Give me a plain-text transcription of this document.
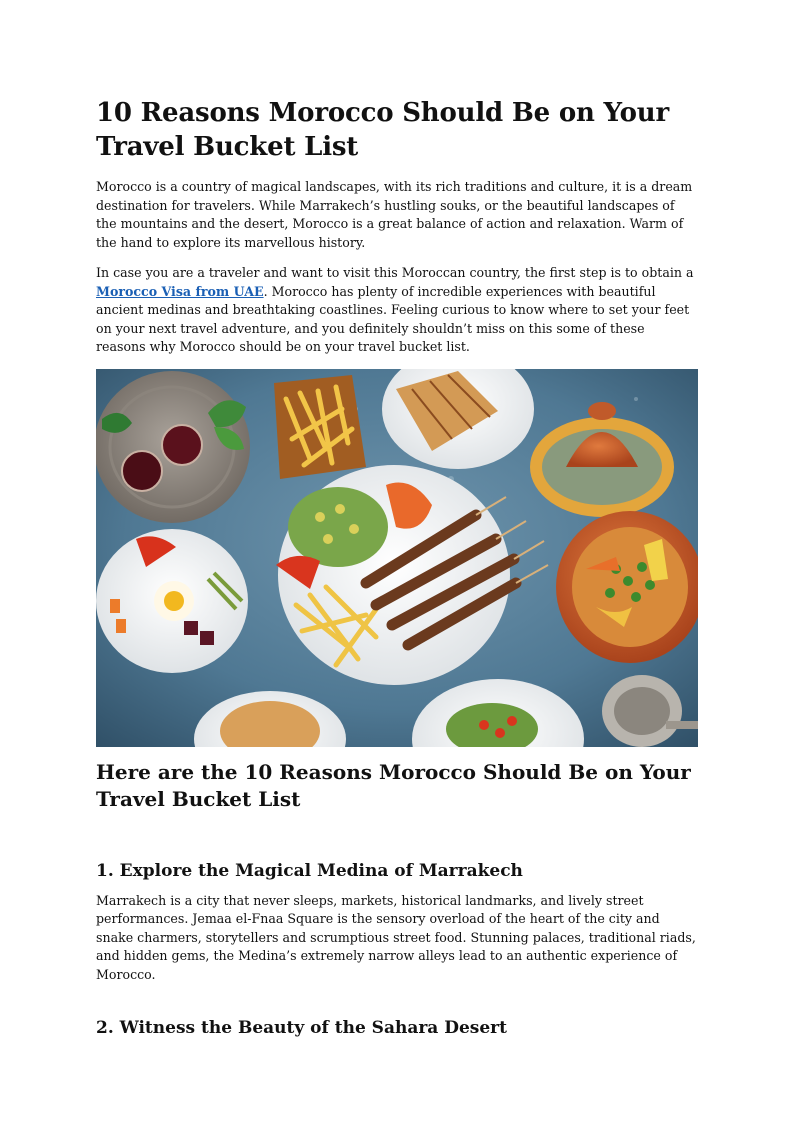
10 Reasons Morocco Should Be on Your Travel Bucket List

Morocco is a country of magical landscapes, with its rich traditions and culture, it is a dream destination for travelers. While Marrakech’s hustling souks, or the beautiful landscapes of the mountains and the desert, Morocco is a great balance of action and relaxation. Warm of the hand to explore its marvellous history.

In case you are a traveler and want to visit this Moroccan country, the first step is to obtain a Morocco Visa from UAE. Morocco has plenty of incredible experiences with beautiful ancient medinas and breathtaking coastlines. Feeling curious to know where to set your feet on your next travel adventure, and you definitely shouldn’t miss on this some of these reasons why Morocco should be on your travel bucket list.

Here are the 10 Reasons Morocco Should Be on Your Travel Bucket List
1. Explore the Magical Medina of Marrakech

Marrakech is a city that never sleeps, markets, historical landmarks, and lively street performances. Jemaa el-Fnaa Square is the sensory overload of the heart of the city and snake charmers, storytellers and scrumptious street food. Stunning palaces, traditional riads, and hidden gems, the Medina’s extremely narrow alleys lead to an authentic experience of Morocco.

2. Witness the Beauty of the Sahara Desert
